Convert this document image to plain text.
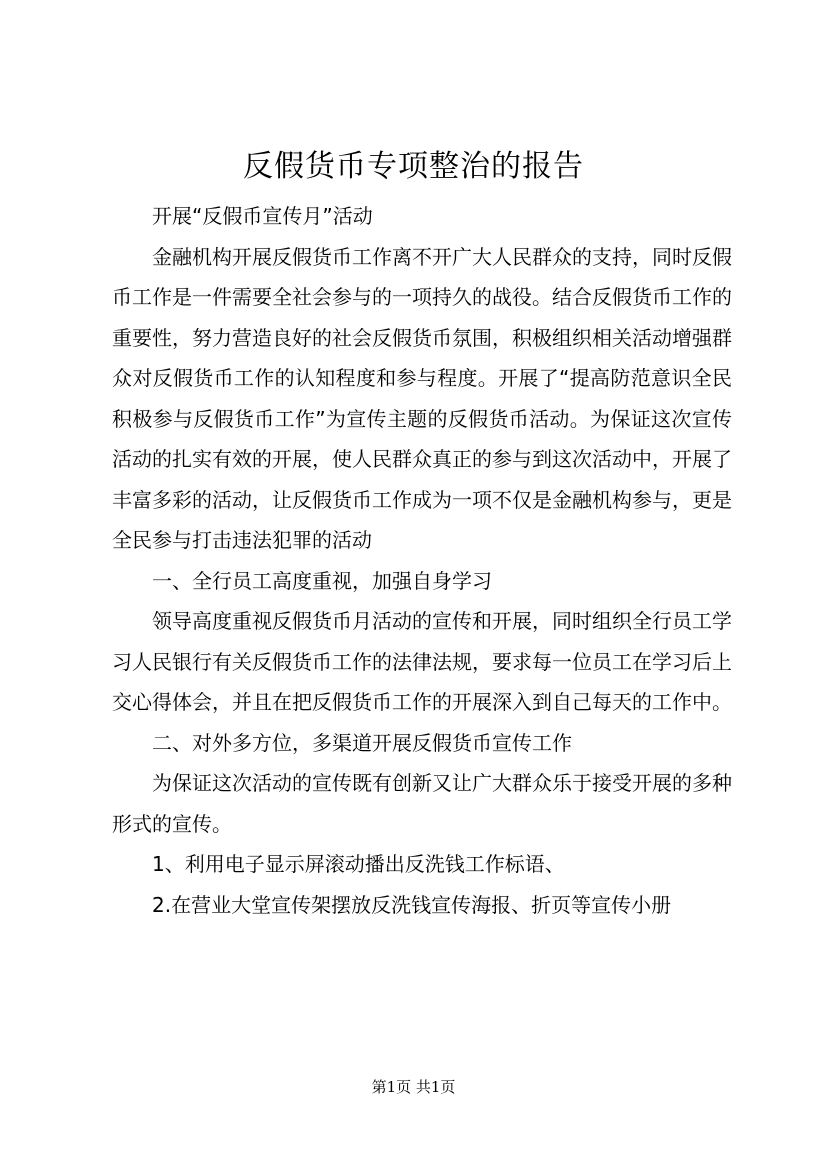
反假货币专项整治的报告

开展“反假币宣传月”活动

金融机构开展反假货币工作离不开广大人民群众的支持，同时反假币工作是一件需要全社会参与的一项持久的战役。结合反假货币工作的重要性，努力营造良好的社会反假货币氛围，积极组织相关活动增强群众对反假货币工作的认知程度和参与程度。开展了“提高防范意识全民积极参与反假货币工作”为宣传主题的反假货币活动。为保证这次宣传活动的扎实有效的开展，使人民群众真正的参与到这次活动中，开展了丰富多彩的活动，让反假货币工作成为一项不仅是金融机构参与，更是全民参与打击违法犯罪的活动

一、全行员工高度重视，加强自身学习

领导高度重视反假货币月活动的宣传和开展，同时组织全行员工学习人民银行有关反假货币工作的法律法规，要求每一位员工在学习后上交心得体会，并且在把反假货币工作的开展深入到自己每天的工作中。

二、对外多方位，多渠道开展反假货币宣传工作

为保证这次活动的宣传既有创新又让广大群众乐于接受开展的多种形式的宣传。

1、利用电子显示屏滚动播出反洗钱工作标语、

2.在营业大堂宣传架摆放反洗钱宣传海报、折页等宣传小册

第1页 共1页
